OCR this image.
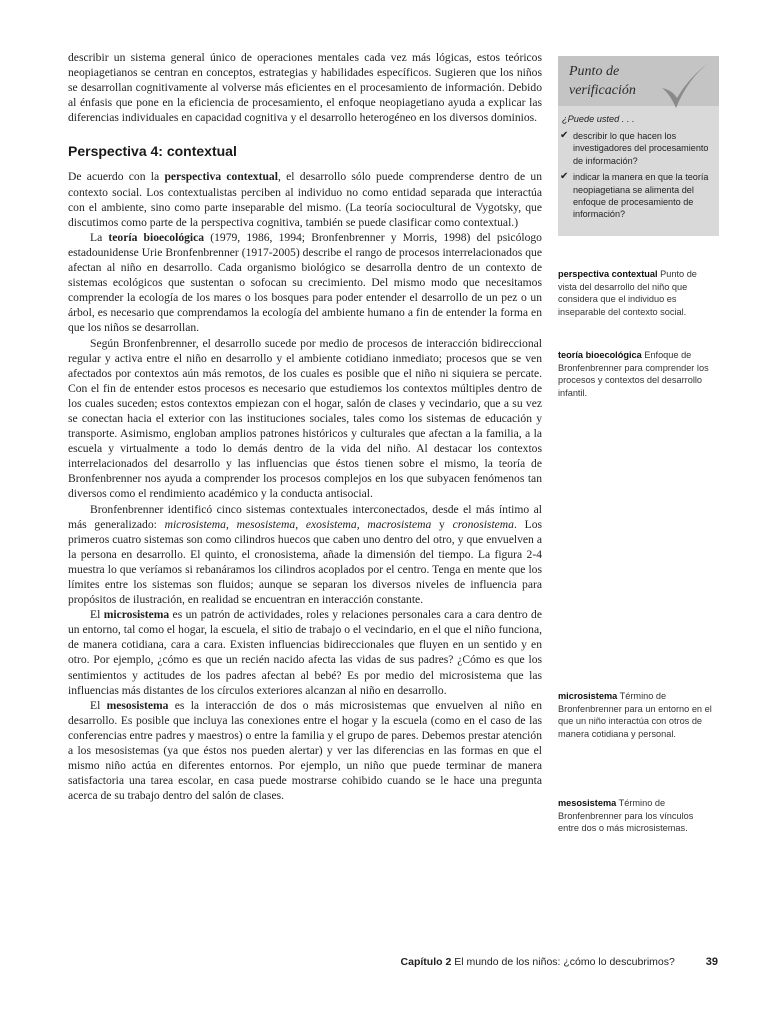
describir un sistema general único de operaciones mentales cada vez más lógicas, estos teóricos neopiagetianos se centran en conceptos, estrategias y habilidades específicos. Sugieren que los niños se desarrollan cognitivamente al volverse más eficientes en el procesamiento de información. Debido al énfasis que pone en la eficiencia de procesamiento, el enfoque neopiagetiano ayuda a explicar las diferencias individuales en capacidad cognitiva y el desarrollo heterogéneo en los diversos dominios.

Perspectiva 4: contextual

De acuerdo con la perspectiva contextual, el desarrollo sólo puede comprenderse dentro de un contexto social. Los contextualistas perciben al individuo no como entidad separada que interactúa con el ambiente, sino como parte inseparable del mismo. (La teoría sociocultural de Vygotsky, que discutimos como parte de la perspectiva cognitiva, también se puede clasificar como contextual.)

La teoría bioecológica (1979, 1986, 1994; Bronfenbrenner y Morris, 1998) del psicólogo estadounidense Urie Bronfenbrenner (1917-2005) describe el rango de procesos interrelacionados que afectan al niño en desarrollo. Cada organismo biológico se desarrolla dentro de un contexto de sistemas ecológicos que sustentan o sofocan su crecimiento. Del mismo modo que necesitamos comprender la ecología de los mares o los bosques para poder entender el desarrollo de un pez o un árbol, es necesario que comprendamos la ecología del ambiente humano a fin de entender la forma en que los niños se desarrollan.

Según Bronfenbrenner, el desarrollo sucede por medio de procesos de interacción bidireccional regular y activa entre el niño en desarrollo y el ambiente cotidiano inmediato; procesos que se ven afectados por contextos aún más remotos, de los cuales es posible que el niño ni siquiera se percate. Con el fin de entender estos procesos es necesario que estudiemos los contextos múltiples dentro de los cuales suceden; estos contextos empiezan con el hogar, salón de clases y vecindario, que a su vez se conectan hacia el exterior con las instituciones sociales, tales como los sistemas de educación y transporte. Asimismo, engloban amplios patrones históricos y culturales que afectan a la familia, a la escuela y virtualmente a todo lo demás dentro de la vida del niño. Al destacar los contextos interrelacionados del desarrollo y las influencias que éstos tienen sobre el mismo, la teoría de Bronfenbrenner nos ayuda a comprender los procesos complejos en los que subyacen fenómenos tan diversos como el rendimiento académico y la conducta antisocial.

Bronfenbrenner identificó cinco sistemas contextuales interconectados, desde el más íntimo al más generalizado: microsistema, mesosistema, exosistema, macrosistema y cronosistema. Los primeros cuatro sistemas son como cilindros huecos que caben uno dentro del otro, y que envuelven a la persona en desarrollo. El quinto, el cronosistema, añade la dimensión del tiempo. La figura 2-4 muestra lo que veríamos si rebanáramos los cilindros acoplados por el centro. Tenga en mente que los límites entre los sistemas son fluidos; aunque se separan los diversos niveles de influencia para propósitos de ilustración, en realidad se encuentran en interacción constante.

El microsistema es un patrón de actividades, roles y relaciones personales cara a cara dentro de un entorno, tal como el hogar, la escuela, el sitio de trabajo o el vecindario, en el que el niño funciona, de manera cotidiana, cara a cara. Existen influencias bidireccionales que fluyen en un sentido y en otro. Por ejemplo, ¿cómo es que un recién nacido afecta las vidas de sus padres? ¿Cómo es que los sentimientos y actitudes de los padres afectan al bebé? Es por medio del microsistema que las influencias más distantes de los círculos exteriores alcanzan al niño en desarrollo.

El mesosistema es la interacción de dos o más microsistemas que envuelven al niño en desarrollo. Es posible que incluya las conexiones entre el hogar y la escuela (como en el caso de las conferencias entre padres y maestros) o entre la familia y el grupo de pares. Debemos prestar atención a los mesosistemas (ya que éstos nos pueden alertar) y ver las diferencias en las formas en que el mismo niño actúa en diferentes entornos. Por ejemplo, un niño que puede terminar de manera satisfactoria una tarea escolar, en casa puede mostrarse cohibido cuando se le hace una pregunta acerca de su trabajo dentro del salón de clases.

Punto de verificación
¿Puede usted . . .
✔ describir lo que hacen los investigadores del procesamiento de información?
✔ indicar la manera en que la teoría neopiagetiana se alimenta del enfoque de procesamiento de información?
perspectiva contextual Punto de vista del desarrollo del niño que considera que el individuo es inseparable del contexto social.
teoría bioecológica Enfoque de Bronfenbrenner para comprender los procesos y contextos del desarrollo infantil.
microsistema Término de Bronfenbrenner para un entorno en el que un niño interactúa con otros de manera cotidiana y personal.
mesosistema Término de Bronfenbrenner para los vínculos entre dos o más microsistemas.
Capítulo 2 El mundo de los niños: ¿cómo lo descubrimos?	39
